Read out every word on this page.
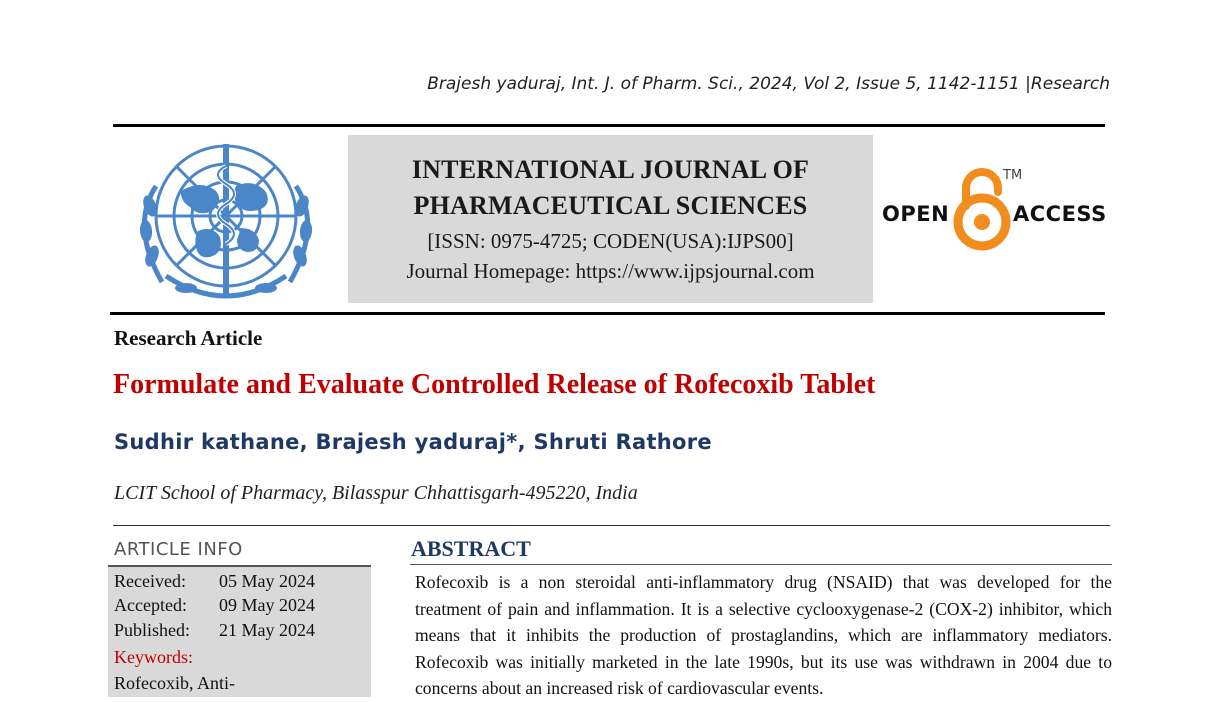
Brajesh yaduraj, Int. J. of Pharm. Sci., 2024, Vol 2, Issue 5, 1142-1151 |Research
INTERNATIONAL JOURNAL OF
PHARMACEUTICAL SCIENCES
[ISSN: 0975-4725; CODEN(USA):IJPS00]
Journal Homepage: https://www.ijpsjournal.com
OPEN
TM
ACCESS
Research Article
Formulate and Evaluate Controlled Release of Rofecoxib Tablet
Sudhir kathane, Brajesh yaduraj*, Shruti Rathore
LCIT School of Pharmacy, Bilasspur Chhattisgarh-495220, India
ARTICLE INFO
Received: 05 May 2024
Accepted: 09 May 2024
Published: 21 May 2024
Keywords:
Rofecoxib, Anti-
ABSTRACT
Rofecoxib is a non steroidal anti-inflammatory drug (NSAID) that was developed for the treatment of pain and inflammation. It is a selective cyclooxygenase-2 (COX-2) inhibitor, which means that it inhibits the production of prostaglandins, which are inflammatory mediators. Rofecoxib was initially marketed in the late 1990s, but its use was withdrawn in 2004 due to concerns about an increased risk of cardiovascular events.
